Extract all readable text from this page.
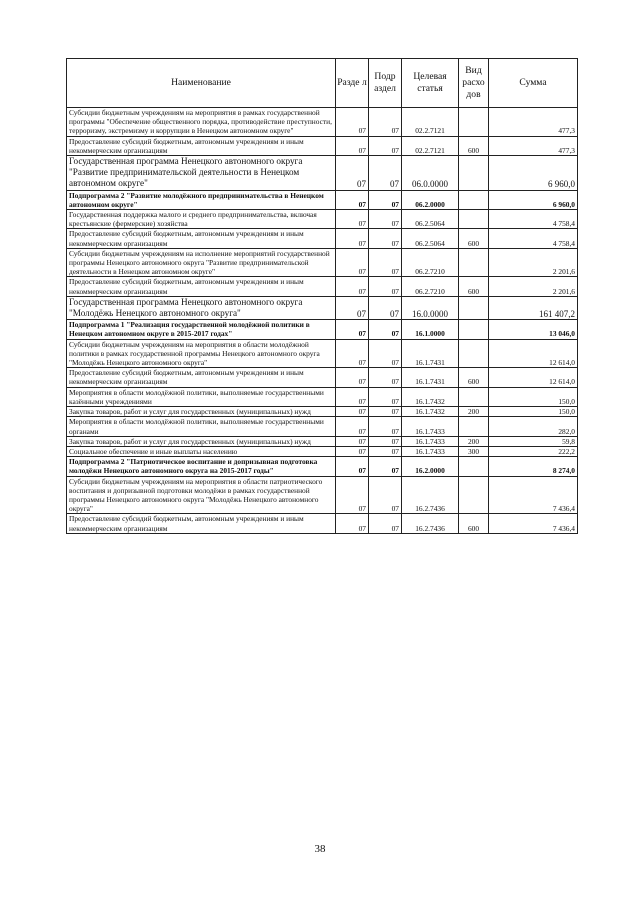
Наименование	Разде л	Подр аздел	Целевая статья	Вид расхо дов	Сумма
Субсидии бюджетным учреждениям на мероприятия в рамках государственной программы "Обеспечение общественного порядка, противодействие преступности, терроризму, экстремизму и коррупции в Ненецком автономном округе"	07	07	02.2.7121		477,3
Предоставление субсидий бюджетным, автономным учреждениям и иным некоммерческим организациям	07	07	02.2.7121	600	477,3
Государственная программа Ненецкого автономного округа "Развитие предпринимательской деятельности в Ненецком автономном округе"	07	07	06.0.0000		6 960,0
Подпрограмма 2 "Развитие молодёжного предпринимательства в Ненецком автономном округе"	07	07	06.2.0000		6 960,0
Государственная поддержка малого и среднего предпринимательства, включая крестьянские (фермерские) хозяйства	07	07	06.2.5064		4 758,4
Предоставление субсидий бюджетным, автономным учреждениям и иным некоммерческим организациям	07	07	06.2.5064	600	4 758,4
Субсидии бюджетным учреждениям на исполнение мероприятий государственной программы Ненецкого автономного округа "Развитие предпринимательской деятельности в Ненецком автономном округе"	07	07	06.2.7210		2 201,6
Предоставление субсидий бюджетным, автономным учреждениям и иным некоммерческим организациям	07	07	06.2.7210	600	2 201,6
Государственная программа Ненецкого автономного округа "Молодёжь Ненецкого автономного округа"	07	07	16.0.0000		161 407,2
Подпрограмма 1 "Реализация государственной молодёжной политики в Ненецком автономном округе в 2015-2017 годах"	07	07	16.1.0000		13 046,0
Субсидии бюджетным учреждениям на мероприятия в области молодёжной политики в рамках государственной программы Ненецкого автономного округа "Молодёжь Ненецкого автономного округа"	07	07	16.1.7431		12 614,0
Предоставление субсидий бюджетным, автономным учреждениям и иным некоммерческим организациям	07	07	16.1.7431	600	12 614,0
Мероприятия в области молодёжной политики, выполняемые государственными казёнными учреждениями	07	07	16.1.7432		150,0
Закупка товаров, работ и услуг для государственных (муниципальных) нужд	07	07	16.1.7432	200	150,0
Мероприятия в области молодёжной политики, выполняемые государственными органами	07	07	16.1.7433		282,0
Закупка товаров, работ и услуг для государственных (муниципальных) нужд	07	07	16.1.7433	200	59,8
Социальное обеспечение и иные выплаты населению	07	07	16.1.7433	300	222,2
Подпрограмма 2 "Патриотическое воспитание и допризывная подготовка молодёжи Ненецкого автономного округа на 2015-2017 годы"	07	07	16.2.0000		8 274,0
Субсидии бюджетным учреждениям на мероприятия в области патриотического воспитания и допризывной подготовки молодёжи в рамках государственной программы Ненецкого автономного округа "Молодёжь Ненецкого автономного округа"	07	07	16.2.7436		7 436,4
Предоставление субсидий бюджетным, автономным учреждениям и иным некоммерческим организациям	07	07	16.2.7436	600	7 436,4
38
